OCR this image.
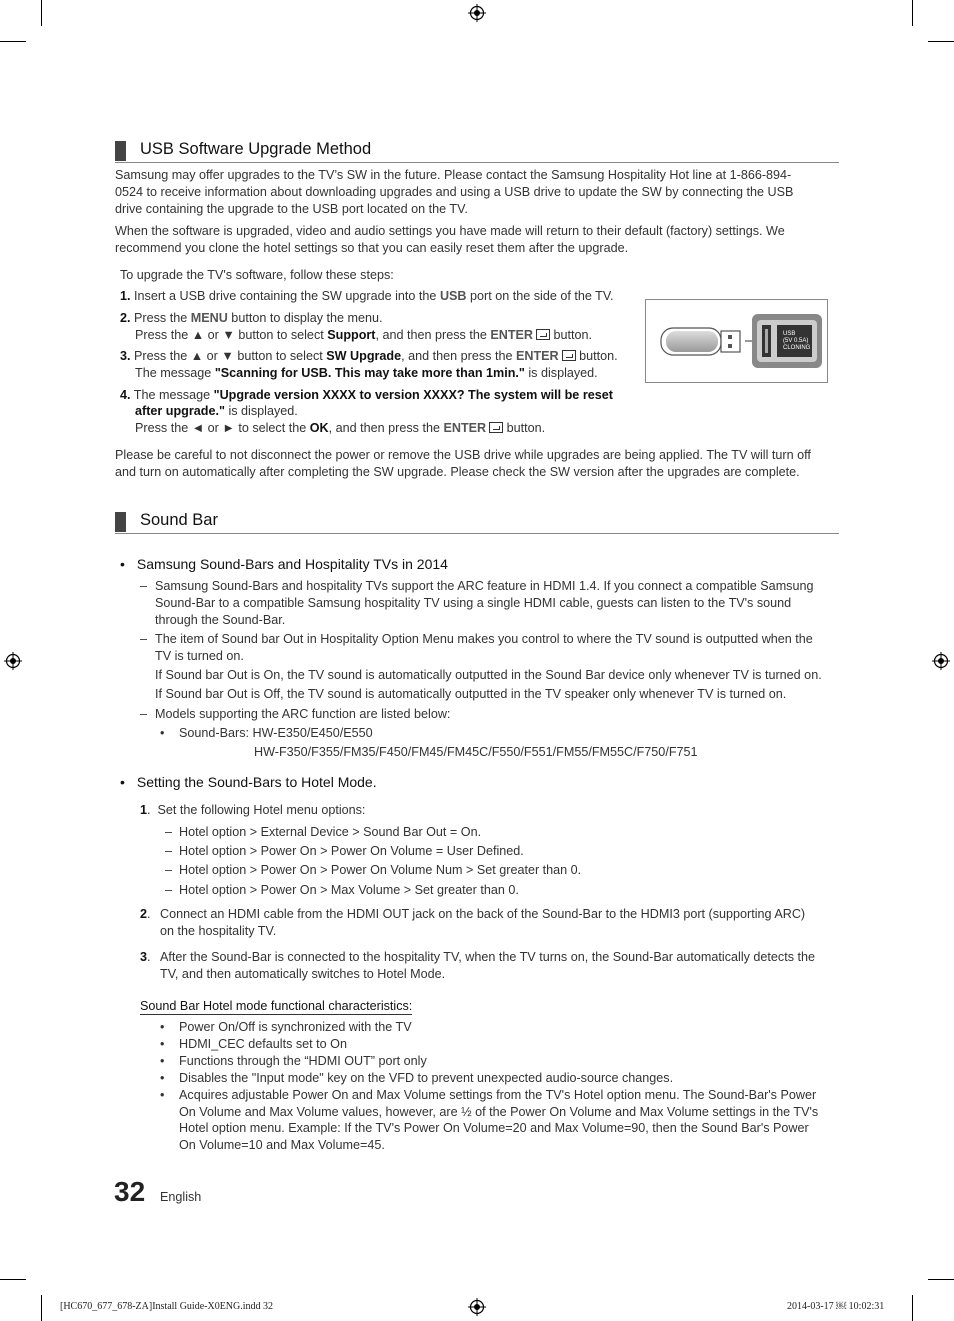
USB Software Upgrade Method

Samsung may offer upgrades to the TV’s SW in the future. Please contact the Samsung Hospitality Hot line at 1-866-894-
0524 to receive information about downloading upgrades and using a USB drive to update the SW by connecting the USB
drive containing the upgrade to the USB port located on the TV.

When the software is upgraded, video and audio settings you have made will return to their default (factory) settings. We
recommend you clone the hotel settings so that you can easily reset them after the upgrade.

To upgrade the TV's software, follow these steps:
1. Insert a USB drive containing the SW upgrade into the USB port on the side of the TV.
2. Press the MENU button to display the menu.
Press the ▲ or ▼ button to select Support, and then press the ENTER button.
3. Press the ▲ or ▼ button to select SW Upgrade, and then press the ENTER button.
The message "Scanning for USB. This may take more than 1min." is displayed.
4. The message "Upgrade version XXXX to version XXXX? The system will be reset
after upgrade." is displayed.
Press the ◄ or ► to select the OK, and then press the ENTER button.

Please be careful to not disconnect the power or remove the USB drive while upgrades are being applied. The TV will turn off
and turn on automatically after completing the SW upgrade. Please check the SW version after the upgrades are complete.

USB
(5V 0.5A)
CLONING
Sound Bar
• Samsung Sound-Bars and Hospitality TVs in 2014
– Samsung Sound-Bars and hospitality TVs support the ARC feature in HDMI 1.4. If you connect a compatible Samsung
Sound-Bar to a compatible Samsung hospitality TV using a single HDMI cable, guests can listen to the TV's sound
through the Sound-Bar.

– The item of Sound bar Out in Hospitality Option Menu makes you control to where the TV sound is outputted when the
TV is turned on.

If Sound bar Out is On, the TV sound is automatically outputted in the Sound Bar device only whenever TV is turned on.
If Sound bar Out is Off, the TV sound is automatically outputted in the TV speaker only whenever TV is turned on.
– Models supporting the ARC function are listed below:
• Sound-Bars: HW-E350/E450/E550
HW-F350/F355/FM35/F450/FM45/FM45C/F550/F551/FM55/FM55C/F750/F751
• Setting the Sound-Bars to Hotel Mode.
1.  Set the following Hotel menu options:
–  Hotel option > External Device > Sound Bar Out = On.
–  Hotel option > Power On > Power On Volume = User Defined.
–  Hotel option > Power On > Power On Volume Num > Set greater than 0.
–  Hotel option > Power On > Max Volume > Set greater than 0.
2. Connect an HDMI cable from the HDMI OUT jack on the back of the Sound-Bar to the HDMI3 port (supporting ARC)
on the hospitality TV.

3. After the Sound-Bar is connected to the hospitality TV, when the TV turns on, the Sound-Bar automatically detects the
TV, and then automatically switches to Hotel Mode.

Sound Bar Hotel mode functional characteristics:
• Power On/Off is synchronized with the TV
• HDMI_CEC defaults set to On
• Functions through the “HDMI OUT” port only
• Disables the "Input mode" key on the VFD to prevent unexpected audio-source changes.
• Acquires adjustable Power On and Max Volume settings from the TV's Hotel option menu. The Sound-Bar's Power
On Volume and Max Volume values, however, are ½ of the Power On Volume and Max Volume settings in the TV's
Hotel option menu. Example: If the TV's Power On Volume=20 and Max Volume=90, then the Sound Bar's Power
On Volume=10 and Max Volume=45.

32 English
[HC670_677_678-ZA]Install Guide-X0ENG.indd 32	2014-03-17 ￼ 10:02:31
